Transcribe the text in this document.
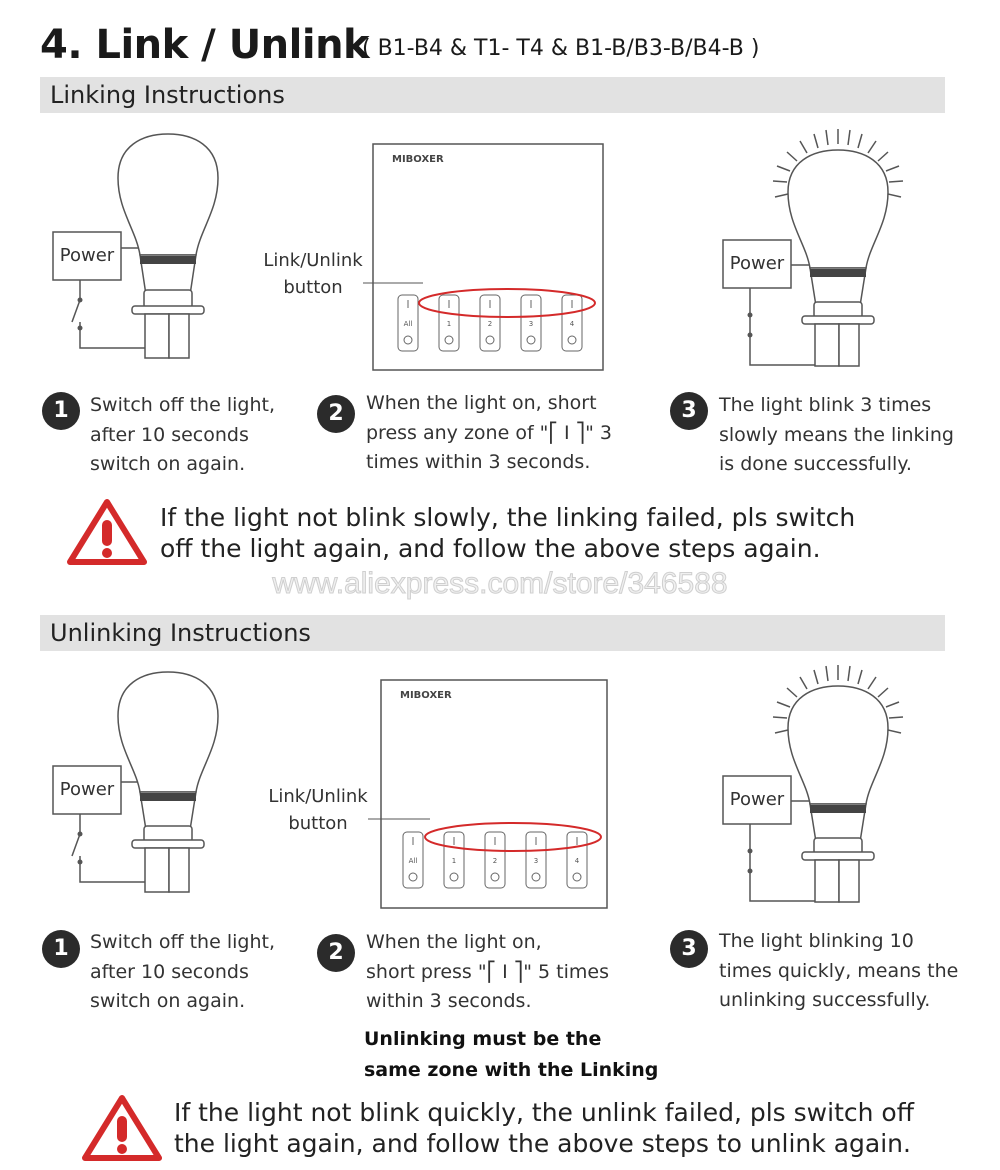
4. Link / Unlink
( B1-B4 & T1- T4 & B1-B/B3-B/B4-B )
Linking Instructions
Power
MIBOXER
Link/Unlink
button
All	1	2	3	4
Power
1	Switch off the light,
after 10 seconds
switch on again.
2	When the light on, short
press any zone of "⎡ I ⎤" 3
times within 3 seconds.
3	The light blink 3 times
slowly means the linking
is done successfully.
If the light not blink slowly, the linking failed, pls switch
off the light again, and follow the above steps again.
www.aliexpress.com/store/346588
Unlinking Instructions
Power
MIBOXER
Link/Unlink
button
All	1	2	3	4
Power
1	Switch off the light,
after 10 seconds
switch on again.
2	When the light on,
short press "⎡ I ⎤" 5 times
within 3 seconds.
3	The light blinking 10
times quickly, means the
unlinking successfully.
Unlinking must be the
same zone with the Linking
If the light not blink quickly, the unlink failed, pls switch off
the light again, and follow the above steps to unlink again.
